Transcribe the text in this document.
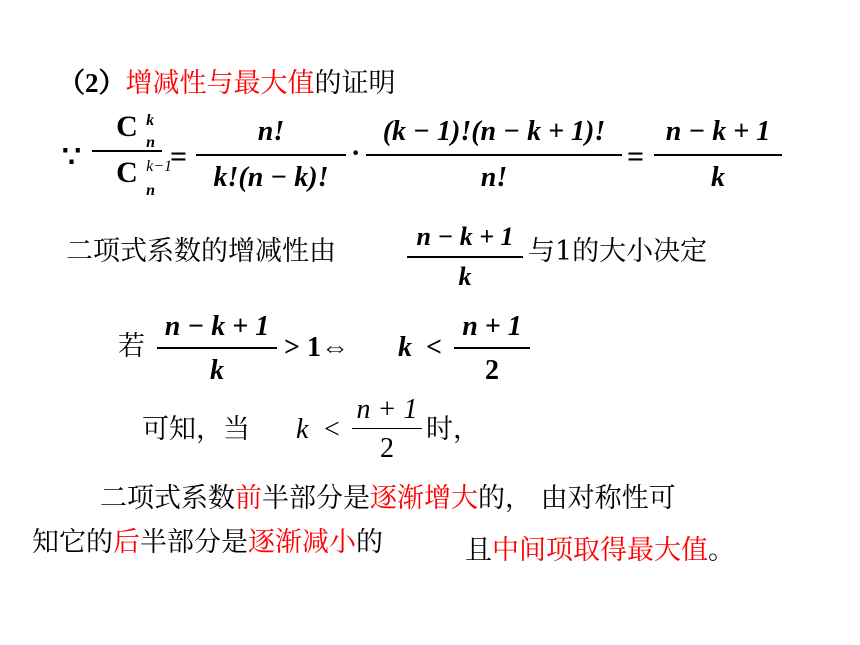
（2）增减性与最大值的证明
∵
C k
n
C k−1
n
=
n!
k!(n − k)!
·
(k − 1)!(n − k + 1)!
n!
=
n − k + 1
k
二项式系数的增减性由	n − k + 1
k
与1的大小决定
若
n − k + 1
k
> 1⇔ k <
n + 1
2
可知，当 k <
n + 1
2
时，
二项式系数前半部分是逐渐增大的， 由对称性可
知它的后半部分是逐渐减小的	且中间项取得最大值。
